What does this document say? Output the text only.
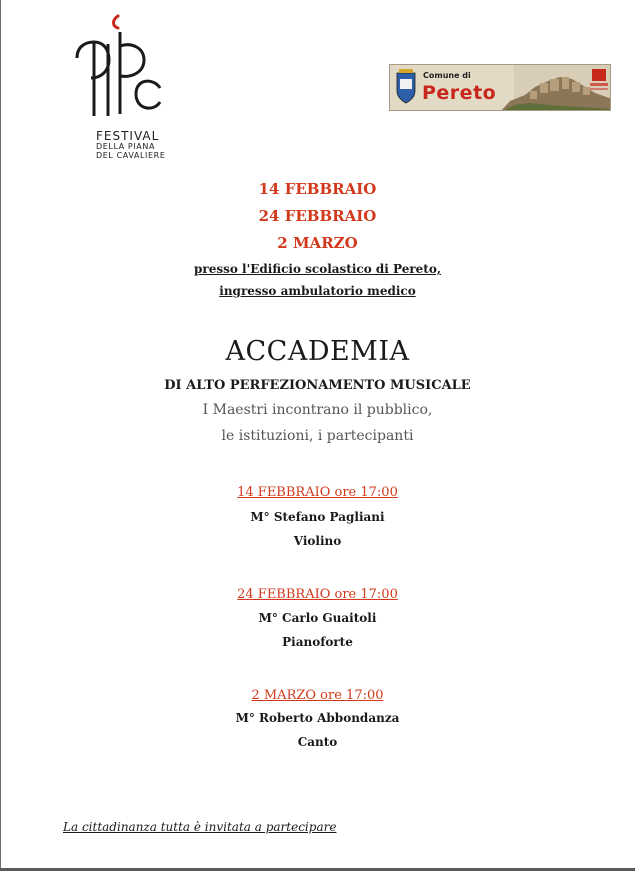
FESTIVAL
DELLA PIANA
DEL CAVALIERE
Comune di
Pereto
14 FEBBRAIO
24 FEBBRAIO
2 MARZO
presso l'Edificio scolastico di Pereto,
ingresso ambulatorio medico
ACCADEMIA
DI ALTO PERFEZIONAMENTO MUSICALE
I Maestri incontrano il pubblico,
le istituzioni, i partecipanti
14 FEBBRAIO ore 17:00
M° Stefano Pagliani
Violino
24 FEBBRAIO ore 17:00
M° Carlo Guaitoli
Pianoforte
2 MARZO ore 17:00
M° Roberto Abbondanza
Canto
La cittadinanza tutta è invitata a partecipare
